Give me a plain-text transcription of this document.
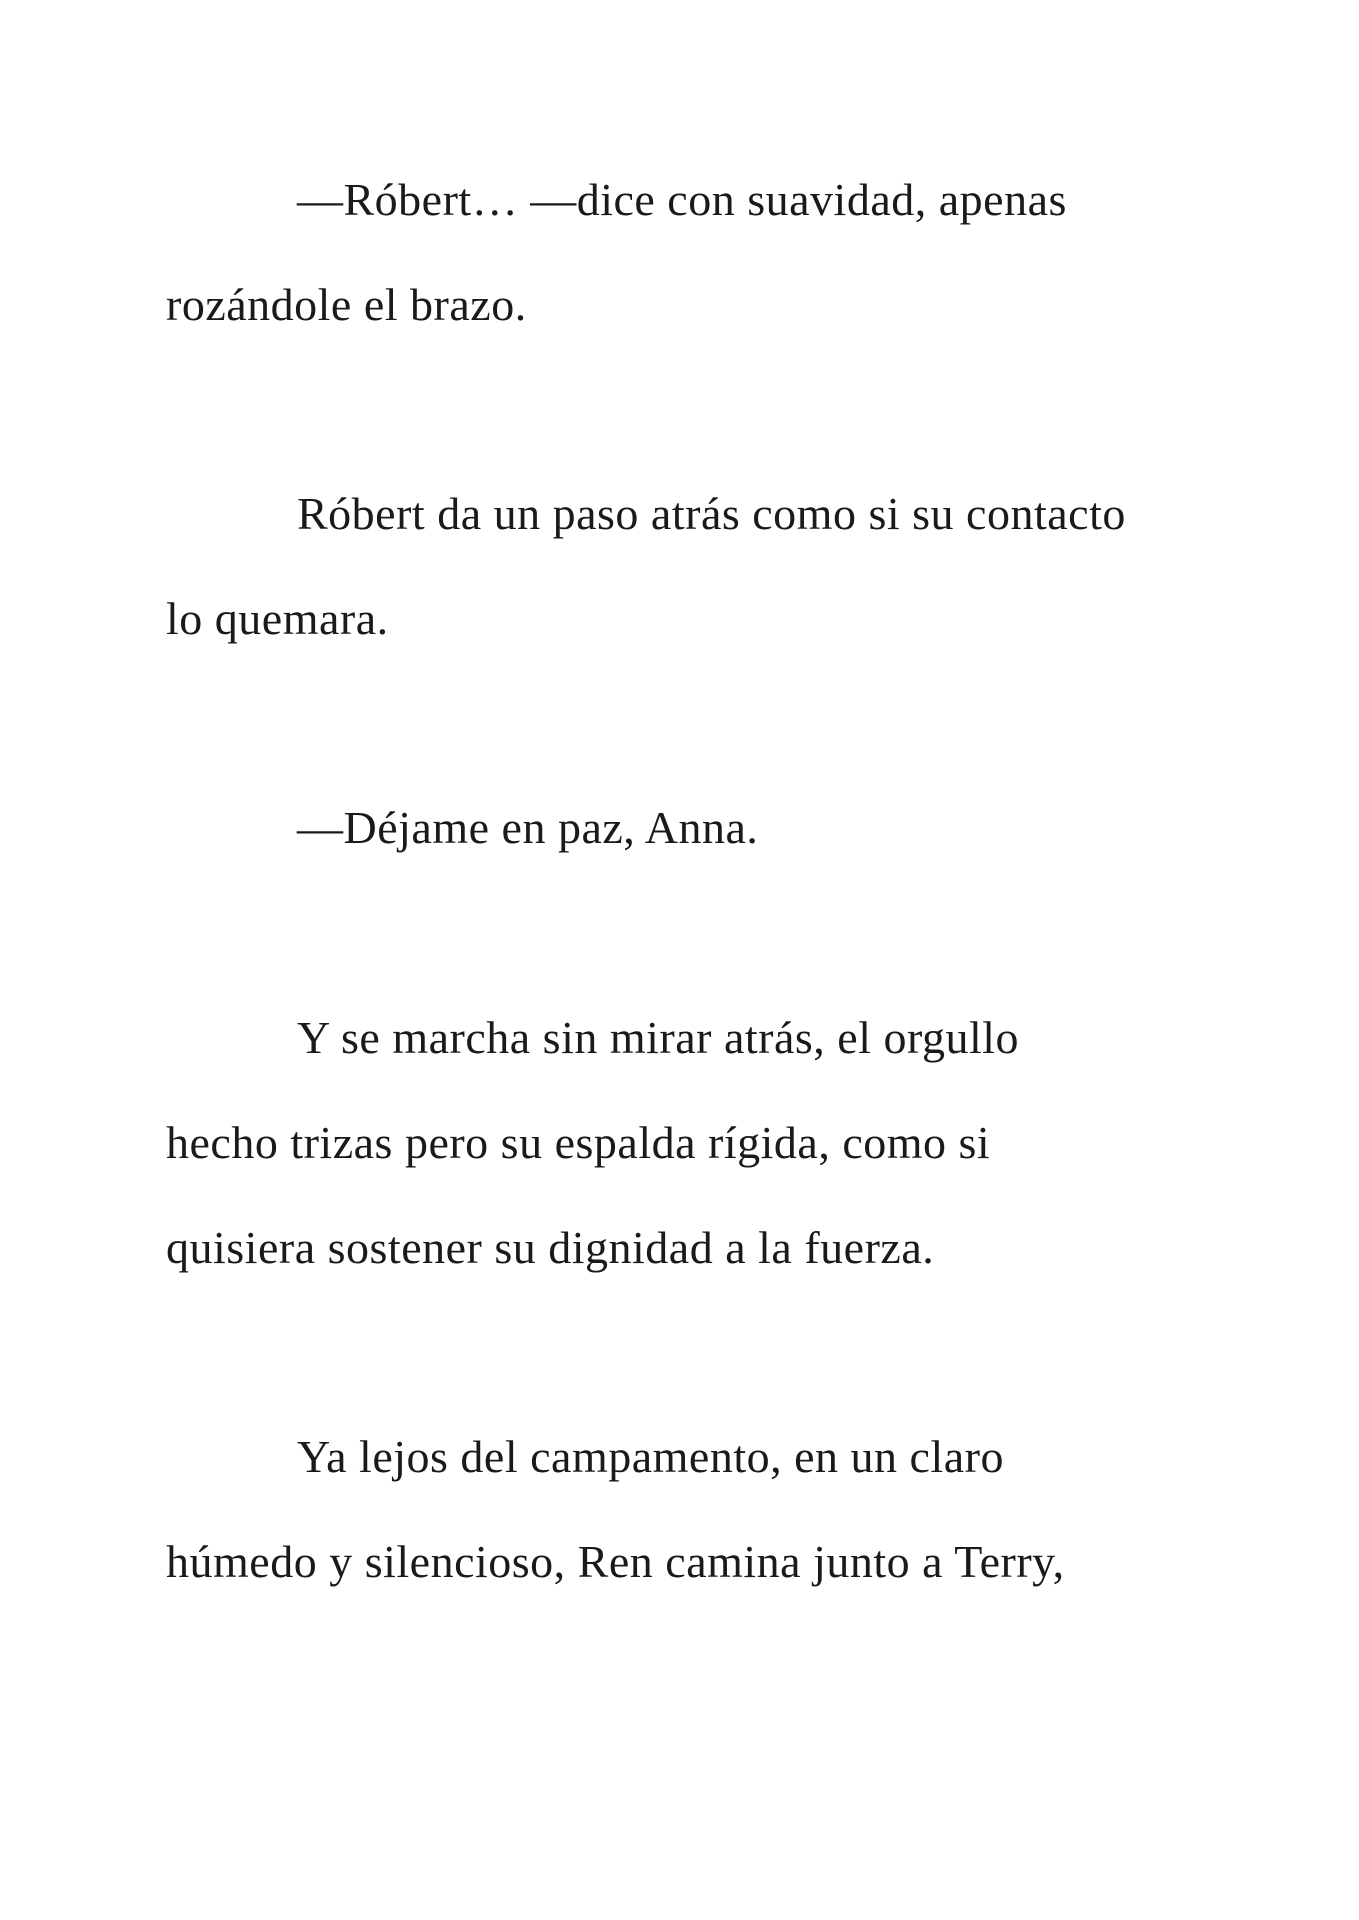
—Róbert… —dice con suavidad, apenas

rozándole el brazo.

Róbert da un paso atrás como si su contacto

lo quemara.

—Déjame en paz, Anna.

Y se marcha sin mirar atrás, el orgullo

hecho trizas pero su espalda rígida, como si

quisiera sostener su dignidad a la fuerza.

Ya lejos del campamento, en un claro

húmedo y silencioso, Ren camina junto a Terry,
